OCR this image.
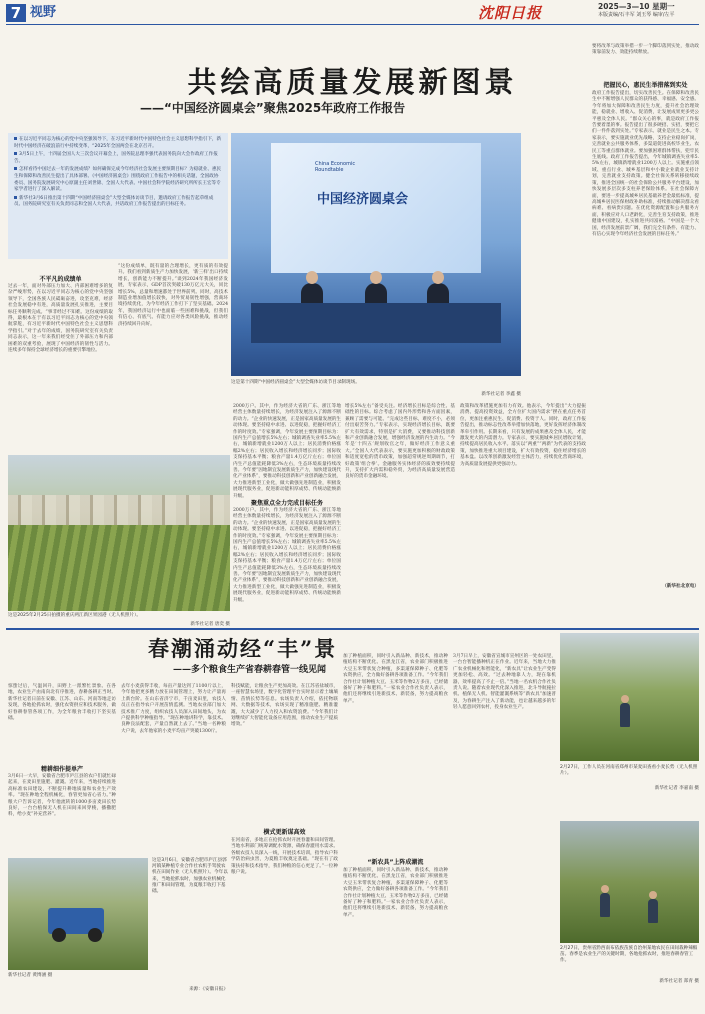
7 视野	沈阳日报	2025—3—10 星期一
本版责编/石丰军 刘玉琴 编审/左平
共绘高质量发展新图景
——“中国经济圆桌会”聚焦2025年政府工作报告

在以习近平同志为核心的党中央坚强领导下，在习近平新时代中国特色社会主义思想科学指引下，新时代中国经济在破浪前行中持续变革，“2025年全国两会在北京召开。

3月5日上午，十四届全国人大三次会议开幕会上，国务院总理李强代表国务院向大会作政府工作报告。

怎样看待中国过去一年的发展成绩？如何确保完成今年经济社会发展主要预期目标？为稳就业、惠民生和保障和改善民生提出了具体部署。《中国经济圆桌会》围绕政府工作报告中的相关话题，全国政协委员、国务院发展研究中心原副主任刘世锦、全国人大代表、中国社会科学院经济研究所所长王宏等专家学者进行了深入解读。

新华社3月6日推出第十四期“中国经济圆桌会”大型全媒体访谈节目，邀请政府工作报告起草组成员、国务院研究室有关负责同志和全国人大代表，共话政府工作报告提出的目标任务。

China Economic Roundtable
中国经济圆桌会
这是第十四期“中国经济圆桌会”大型全媒体访谈节目录制现场。
新华社记者 李鑫 摄
要将改革与政策举措一步一个脚印落到实处，推动政策靠前发力、效能持续释放。
把握民心，惠民生举措落到实处
政府工作报告提出，切实改善民生。在保障和改善民生中不断增强人民群众的获得感、幸福感、安全感。今年将加大保障和改善民生力度，提升社会治理效能，稳就业、增收入、促消费，让发展成果更多更公平惠及全体人民。“群众关心的事，就是政府工作报告要着墨的事。报告提出了很多硬招、实招，要把它们一件件落到实处。”专家表示。就业是民生之本。专家表示，要实施就业优先战略，支持企业稳岗扩岗，完善就业公共服务体系，多渠道促进高校毕业生、农民工等重点群体就业。要加强困难群体帮扶，兜牢民生底线。政府工作报告提出，今年城镇调查失业率5.5%左右，城镇新增就业1200万人以上。实施重点领域、重点行业、城乡基层和中小微企业就业支持计划，完善就业支持政策。健全社保关系转移接续政策，推进全国统一的社会保险公共服务平台建设，加快发展多层次多支柱养老保险体系。在社会保障方面，要进一步提高城乡居民基础养老金最低标准，提高城乡居民医保财政补助标准，持续推动解决群众看病难、看病贵问题。在优化资源配置和公共服务方面，积极应对人口老龄化，完善生育支持政策，推进健康中国建设，扎实推进共同富裕。“中国是一个大国，经济发展前景广阔，我们完全有条件、有能力、有信心实现今年经济社会发展的目标任务。”
（新华社北京电）
不平凡的成绩单
过去一年，面对外部压力加大、内部困难增多的复杂严峻形势，在以习近平同志为核心的党中央坚强领导下，全国各族人民砥砺奋进，攻坚克难，经济社会发展稳中有进，高质量发展扎实推进，主要目标任务顺利完成。“事非经过不知难。这份成绩的取得，最根本在于有以习近平同志为核心的党中央领航掌舵，有习近平新时代中国特色社会主义思想科学指引。”对于去年的成绩，国务院研究室有关负责同志表示，这一年来我们经受住了外部压力和内部困难的双重考验，展现了中国经济的韧性与活力。连续多年保持全球经济增长的重要引擎地位。
“这份成绩单，既有量的合理增长，更有质的有效提升。我们看到新质生产力加快发展，‘新三样’出口持续增长，创新能力不断提升。”谈到2024年我国经济发展，专家表示，GDP首次突破130万亿元大关，同比增长5%，总量和增速都处于世界前列。同时，高技术制造业增加值增长较快，对外贸易韧性增强，营商环境持续优化，为今年经济工作打下了坚实基础。2024年，我国经济运行中也面临一些困难和挑战，但我们有信心、有底气、有能力应对各类风险挑战，推动经济持续回升向好。
这是2025年2月25日拍摄的重庆两江新区果园港（无人机照片）。
新华社记者 唐奕 摄
2000万户。其中，作为经济大省的广东、浙江等地经营主体数量持续增长，为经济发展注入了源源不断的动力。“企业的快速发展，正是国家高质量发展的生动体现。要坚持稳中求进、以进促稳，把握好经济工作的时度效。”专家强调，今年发展主要预期目标为：国内生产总值增长5%左右；城镇调查失业率5.5%左右，城镇新增就业1200万人以上；居民消费价格涨幅2%左右；居民收入增长和经济增长同步；国际收支保持基本平衡；粮食产量1.4万亿斤左右；单位国内生产总值能耗降低3%左右，生态环境质量持续改善。今年要“因地制宜发展新质生产力，加快建设现代化产业体系”，要推动科技创新和产业创新融合发展，大力推进新型工业化，做大做强先进制造业，积极发展现代服务业，促进新动能积厚成势、传统动能焕新升级。
聚焦重点全力完成目标任务
2000万户。其中，作为经济大省的广东、浙江等地经营主体数量持续增长，为经济发展注入了源源不断的动力。“企业的快速发展，正是国家高质量发展的生动体现。要坚持稳中求进、以进促稳，把握好经济工作的时度效。”专家强调，今年发展主要预期目标为：国内生产总值增长5%左右；城镇调查失业率5.5%左右，城镇新增就业1200万人以上；居民消费价格涨幅2%左右；居民收入增长和经济增长同步；国际收支保持基本平衡；粮食产量1.4万亿斤左右；单位国内生产总值能耗降低3%左右，生态环境质量持续改善。今年要“因地制宜发展新质生产力，加快建设现代化产业体系”，要推动科技创新和产业创新融合发展，大力推进新型工业化，做大做强先进制造业，积极发展现代服务业，促进新动能积厚成势、传统动能焕新升级。
增长5%左右”备受关注。经济增长目标是综合性、基础性的目标。综合考虑了国内外形势和各方面因素，兼顾了需要与可能。“完成这些目标，难度不小，必须付出艰苦努力。”专家表示，实现经济增长目标，既要扩大有效需求，特别是扩大消费，又要推动科技创新和产业创新融合发展，增强经济发展的内生动力。“今年是‘十四五’规划收官之年，做好经济工作意义重大。”全国人大代表表示，要实施更加积极的财政政策和适度宽松的货币政策，加强超常规逆周期调节，打好政策‘组合拳’。金融服务实体经济的质效要持续提升，支持扩大内需和稳外贸，为经济高质量发展营造良好的货币金融环境。
政策和改革措施更加有力有效。他表示，今年提出“大力提振消费、提高投资效益，全方位扩大国内需求”摆在重点任务首位，更加注重惠民生、促消费、投资于人。同时，政府工作报告提出，推动标志性改革举措加快落地，更好发挥经济体制改革牵引作用。长期来看，只有发展的成果惠及全体人民，才能激发更大的内需潜力。专家表示，要实施城乡居民增收计划，持续提高居民收入水平。落实以“两重”“两新”为代表的支持政策，加快推进重大项目建设，扩大有效投资，稳住经济增长的基本盘。以改革创新激发经营主体活力，持续优化营商环境，为高质量发展提供更强动力。
春潮涌动经“丰”景
——多个粮食生产省春耕春管一线见闻
惊蛰过后，气温回升，田野上一派繁忙景象。在各地，农业生产由南向北有序推进，春耕备耕正当时。新华社记者日前在安徽、江苏、山东、河南等地走访发现，各地抢抓农时，强化农资供应和技术服务，做好春耕春管各项工作，为全年粮食丰收打下坚实基础。
精耕细作提单产
3月6日一大早，安徽省合肥市庐江县的农户们就忙碌起来，在麦田里施肥、灌溉。近年来，当地持续推进高标准农田建设，不断提升耕地质量和农业生产效率。“现在种地全程机械化，春管更加省心省力。”种粮大户告诉记者，今年他流转的1000多亩麦田长势良好，一台台植保无人机在田间来回穿梭，播撒肥料，给小麦“补充营养”。
去年小麦获得丰收，每亩产量达到了1100斤以上，今年他把更多精力放在田间管理上，努力让产量再上新台阶。在山东省济宁市，千亩麦田里，农技人员正在指导农户开展苗情监测。当地农业部门加大技术推广力度，组织农技人员深入田间地头，为农户提供科学种植指导。“现在种地讲科学，靠技术。良种良法配套，产量自然就上去了。”当地一名种粮大户说，去年他家的小麦平均亩产突破1300斤。
科技赋能，让粮食生产更加高效。在江苏省盐城市，一座智慧农场里，数字化管理平台实时显示着土壤墒情、苗情长势等信息。农场负责人介绍，依托物联网、大数据等技术，农场实现了精准施肥、精准灌溉，大大减少了人力投入和农资浪费。“今年我们计划继续扩大智能化设备应用范围，推动农业生产提质增效。”
横式更新谋高效
在河南省，多地正在抢抓农时开展春灌和田间管理。当地水利部门统筹调配水资源，确保春灌用水需求。各级农技人员深入一线，开展技术培训，指导农户科学防治病虫害，为夏粮丰收奠定基础。“现在有了政策扶持和技术指导，我们种粮的信心更足了。”一位种粮户说。
加了种植面积，同时引入新品种、新技术，推动种植结构不断优化。在黑龙江省，农业部门积极推进大豆玉米带状复合种植，多渠道保障种子、化肥等农资供应，全力做好备耕各项准备工作。“今年我们合作社计划种植大豆、玉米等作物2万多亩，已经储备好了种子和肥料。”一家农业合作社负责人表示，他们还将继续引进新技术、新装备，努力提高粮食单产。
“新农具”上阵成潮流
加了种植面积，同时引入新品种、新技术，推动种植结构不断优化。在黑龙江省，农业部门积极推进大豆玉米带状复合种植，多渠道保障种子、化肥等农资供应，全力做好备耕各项准备工作。“今年我们合作社计划种植大豆、玉米等作物2万多亩，已经储备好了种子和肥料。”一家农业合作社负责人表示，他们还将继续引进新技术、新装备，努力提高粮食单产。
3月7日早上，安徽省宣城市宣州区的一处农田里，一台台智能播种机正在作业。近年来，当地大力推广农业机械化和智能化，“新农具”让农业生产变得更加轻松、高效。“过去种地靠人力，现在靠机器，效率提高了不止一倍。”当地一名农机合作社负责人说。随着农业现代化深入推进，北斗导航拖拉机、植保无人机、智能灌溉系统等“新农具”加速普及，为春耕生产注入了新动能，也让越来越多的年轻人愿意回到农村，投身农业生产。
这是3月6日，安徽省合肥市庐江县郭河镇某种植专业合作社农机手驾驶农机在田间作业（无人机照片）。今年以来，当地抢抓农时，加强农业机械化推广和田间管理，为夏粮丰收打下基础。
新华社记者 黄博涵 摄
来源：《安徽日报》
2月27日，工作人员在河南省郑州市某麦田查看小麦长势（无人机照片）。
新华社记者 李嘉南 摄
2月27日，贵州省黔西南布依族苗族自治州某地农民在田间栽种辣椒苗。春季是农业生产的关键时期，各地抢抓农时，推进春耕春管工作。
新华社记者 郑青 摄
